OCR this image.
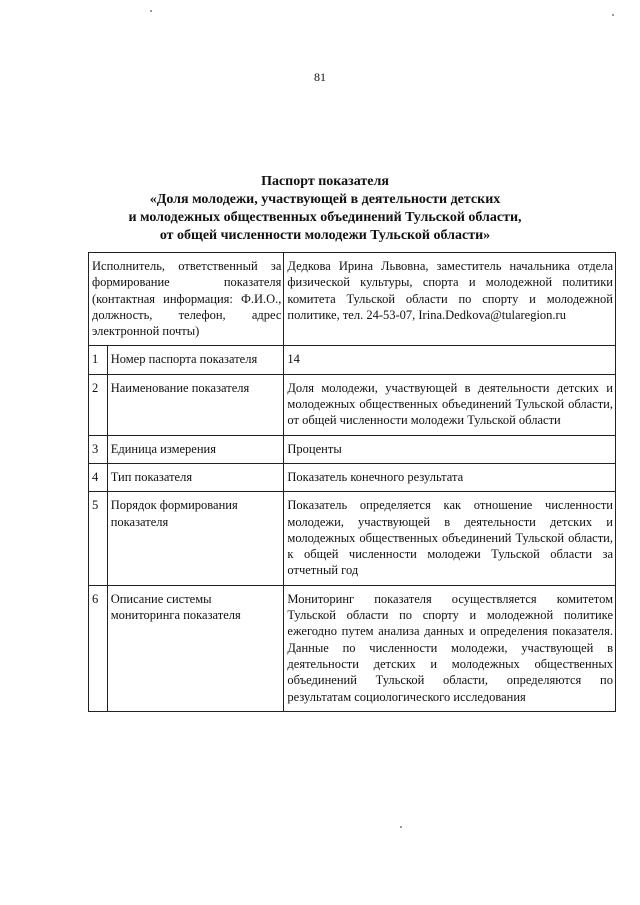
81
Паспорт показателя
«Доля молодежи, участвующей в деятельности детских
и молодежных общественных объединений Тульской области,
от общей численности молодежи Тульской области»
Исполнитель, ответственный за формирование показателя (контактная информация: Ф.И.О., должность, телефон, адрес электронной почты)		Дедкова Ирина Львовна, заместитель начальника отдела физической культуры, спорта и молодежной политики комитета Тульской области по спорту и молодежной политике, тел. 24-53-07, Irina.Dedkova@tularegion.ru
1	Номер паспорта показателя	14
2	Наименование показателя	Доля молодежи, участвующей в деятельности детских и молодежных общественных объединений Тульской области, от общей численности молодежи Тульской области
3	Единица измерения	Проценты
4	Тип показателя	Показатель конечного результата
5	Порядок формирования показателя	Показатель определяется как отношение численности молодежи, участвующей в деятельности детских и молодежных общественных объединений Тульской области, к общей численности молодежи Тульской области за отчетный год
6	Описание системы мониторинга показателя	Мониторинг показателя осуществляется комитетом Тульской области по спорту и молодежной политике ежегодно путем анализа данных и определения показателя. Данные по численности молодежи, участвующей в деятельности детских и молодежных общественных объединений Тульской области, определяются по результатам социологического исследования
